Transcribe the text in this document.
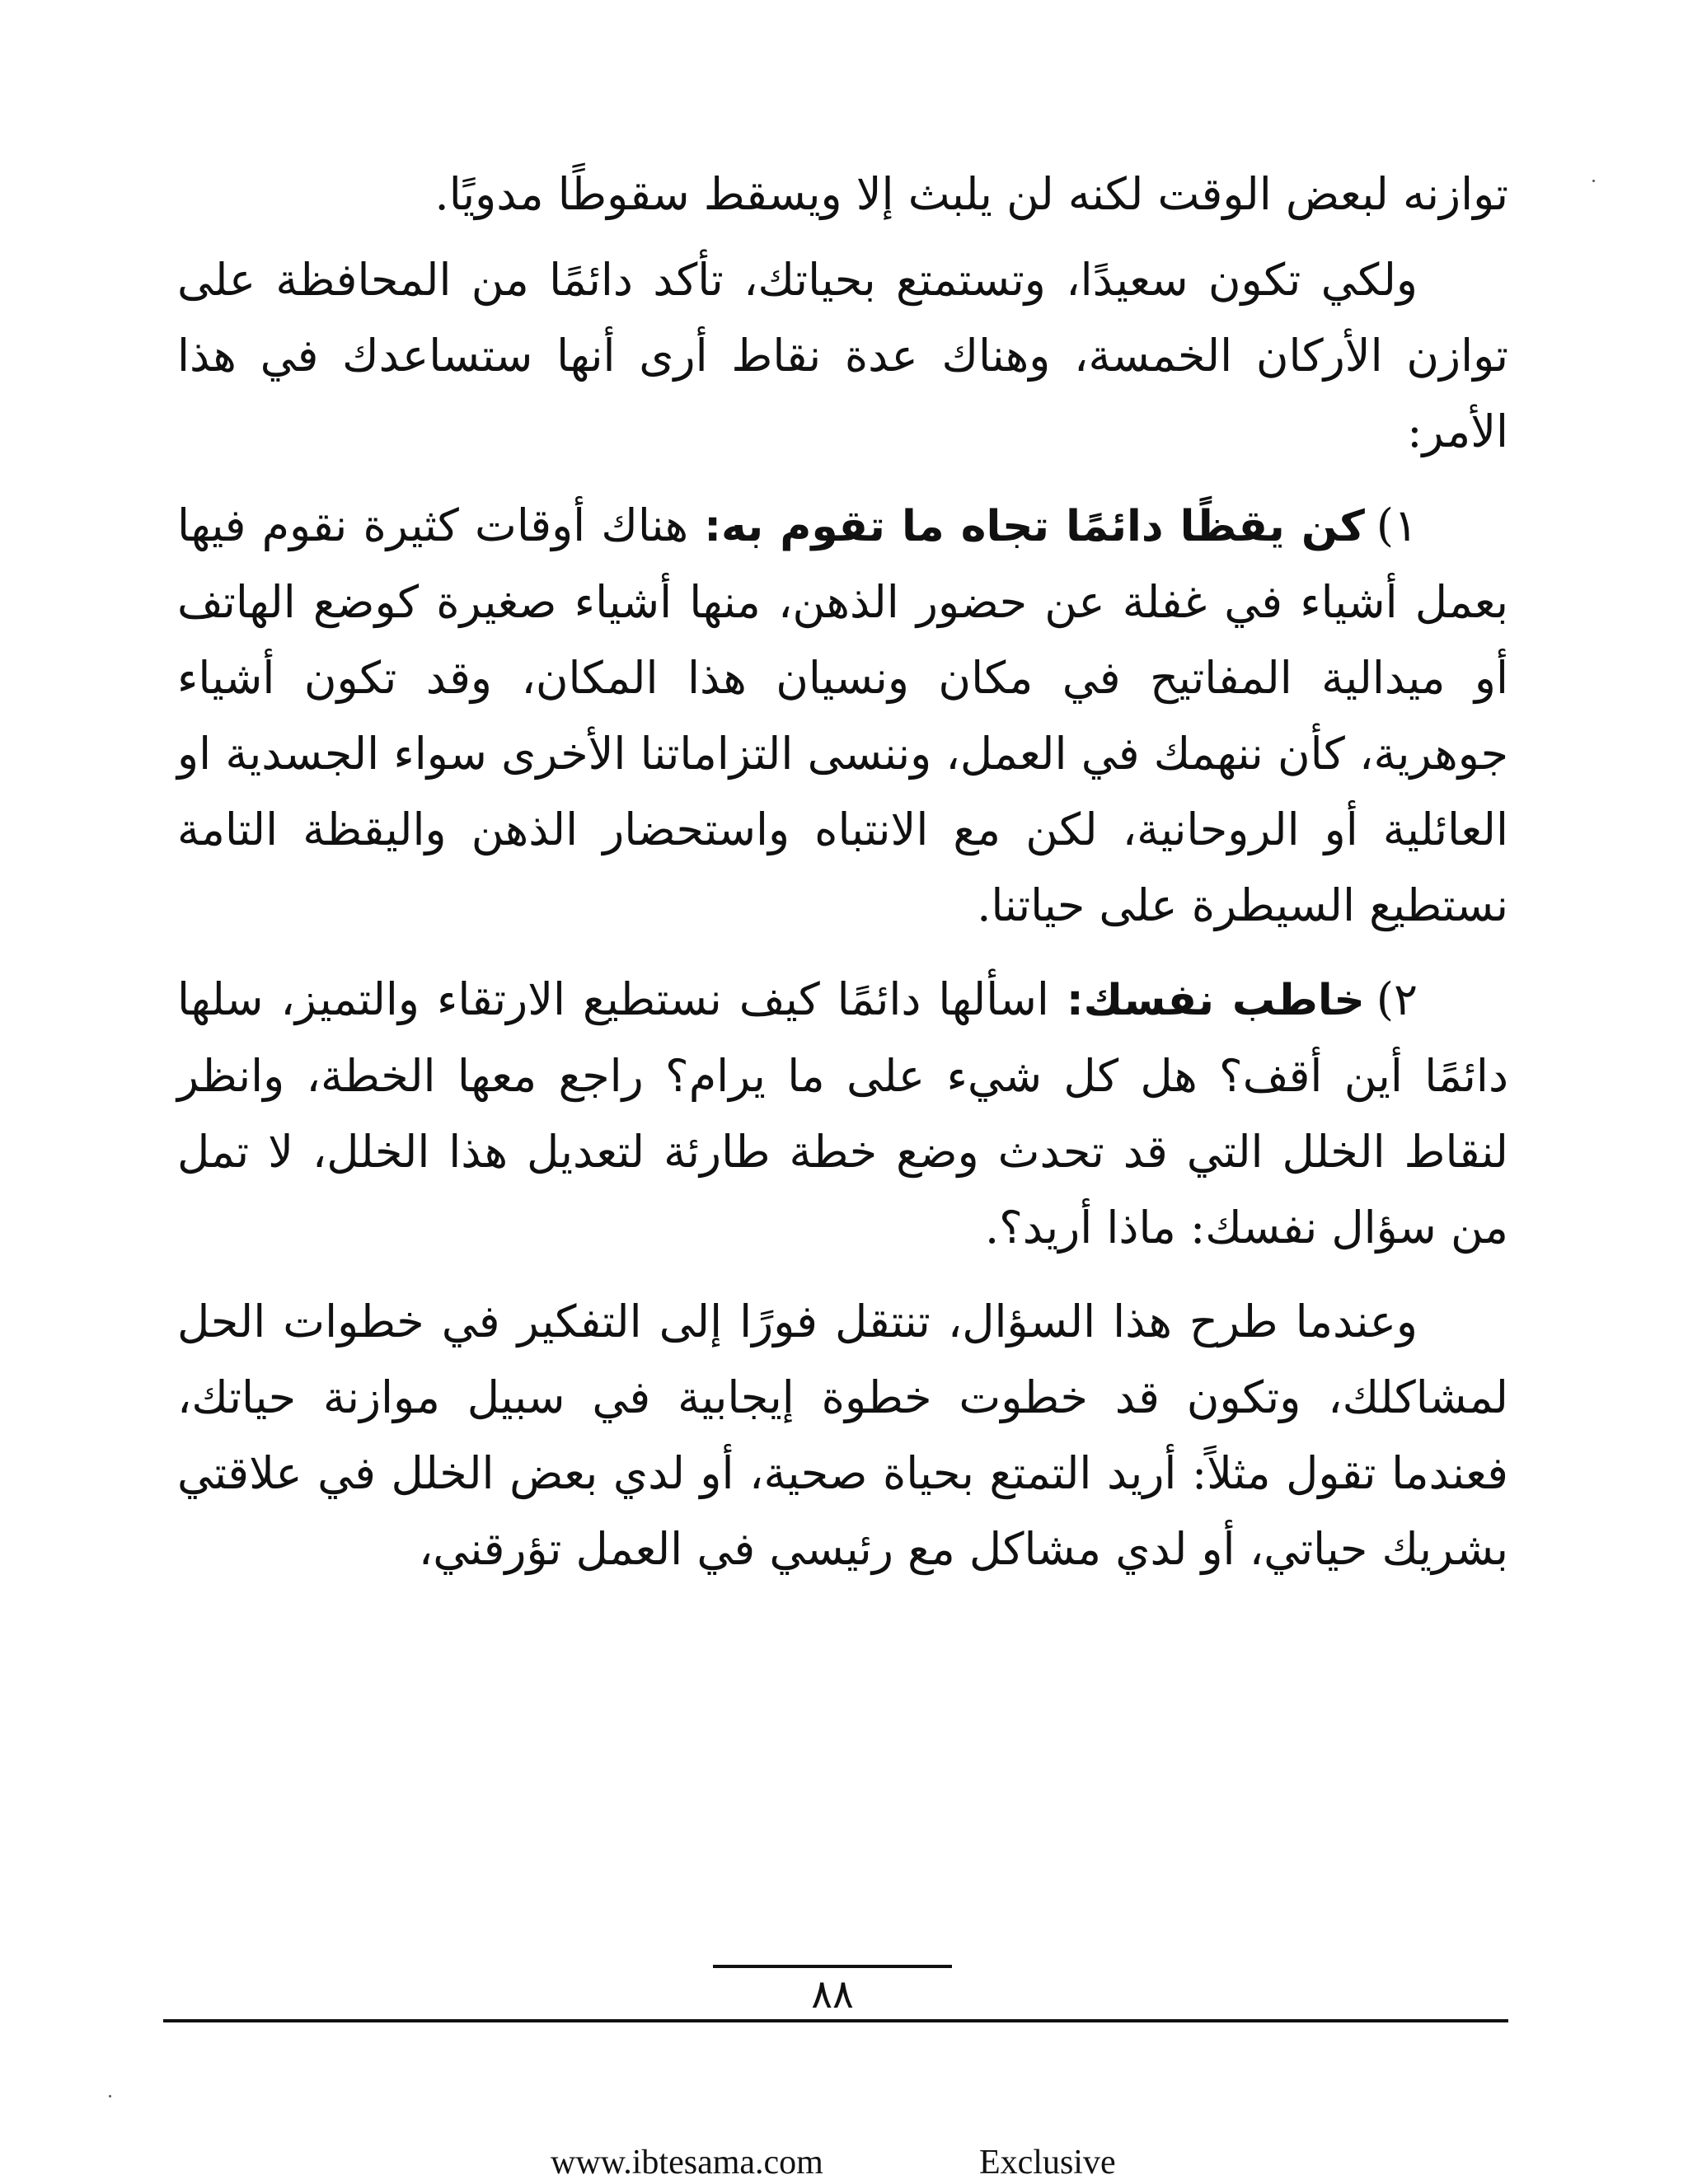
توازنه لبعض الوقت لكنه لن يلبث إلا ويسقط سقوطًا مدويًا.

ولكي تكون سعيدًا، وتستمتع بحياتك، تأكد دائمًا من المحافظة على توازن الأركان الخمسة، وهناك عدة نقاط أرى أنها ستساعدك في هذا الأمر:

١)كن يقظًا دائمًا تجاه ما تقوم به: هناك أوقات كثيرة نقوم فيها بعمل أشياء في غفلة عن حضور الذهن، منها أشياء صغيرة كوضع الهاتف أو ميدالية المفاتيح في مكان ونسيان هذا المكان، وقد تكون أشياء جوهرية، كأن ننهمك في العمل، وننسى التزاماتنا الأخرى سواء الجسدية او العائلية أو الروحانية، لكن مع الانتباه واستحضار الذهن واليقظة التامة نستطيع السيطرة على حياتنا.

٢)خاطب نفسك: اسألها دائمًا كيف نستطيع الارتقاء والتميز، سلها دائمًا أين أقف؟ هل كل شيء على ما يرام؟ راجع معها الخطة، وانظر لنقاط الخلل التي قد تحدث وضع خطة طارئة لتعديل هذا الخلل، لا تمل من سؤال نفسك: ماذا أريد؟.

وعندما طرح هذا السؤال، تنتقل فورًا إلى التفكير في خطوات الحل لمشاكلك، وتكون قد خطوت خطوة إيجابية في سبيل موازنة حياتك، فعندما تقول مثلاً: أريد التمتع بحياة صحية، أو لدي بعض الخلل في علاقتي بشريك حياتي، أو لدي مشاكل مع رئيسي في العمل تؤرقني،

٨٨
www.ibtesama.com	Exclusive
